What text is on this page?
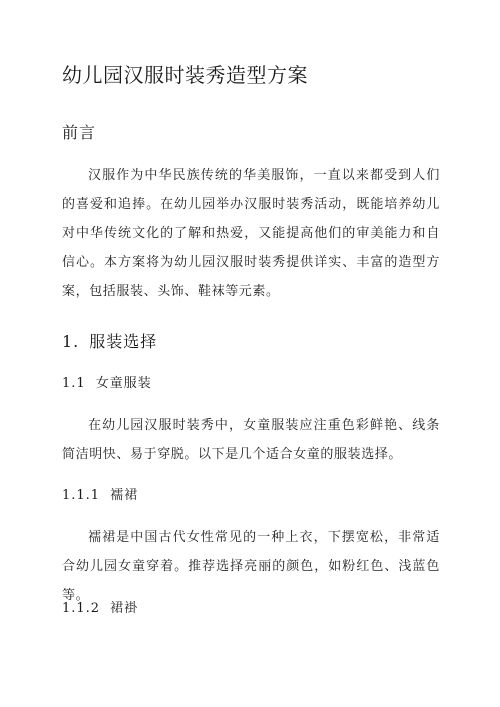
幼儿园汉服时装秀造型方案
前言
汉服作为中华民族传统的华美服饰，一直以来都受到人们的喜爱和追捧。在幼儿园举办汉服时装秀活动，既能培养幼儿对中华传统文化的了解和热爱，又能提高他们的审美能力和自信心。本方案将为幼儿园汉服时装秀提供详实、丰富的造型方案，包括服装、头饰、鞋袜等元素。
1. 服装选择
1.1 女童服装
在幼儿园汉服时装秀中，女童服装应注重色彩鲜艳、线条简洁明快、易于穿脱。以下是几个适合女童的服装选择。
1.1.1 襦裙
襦裙是中国古代女性常见的一种上衣，下摆宽松，非常适合幼儿园女童穿着。推荐选择亮丽的颜色，如粉红色、浅蓝色等。
1.1.2 裙褂
